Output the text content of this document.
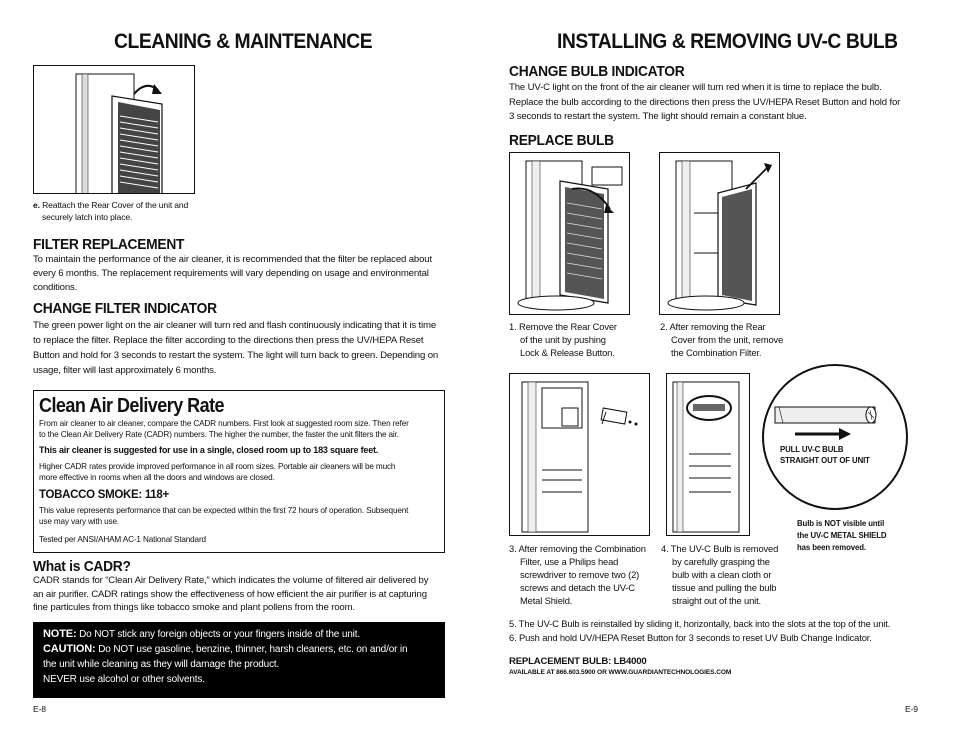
CLEANING & MAINTENANCE
e. Reattach the Rear Cover of the unit and
securely latch into place.
FILTER REPLACEMENT
To maintain the performance of the air cleaner, it is recommended that the filter be replaced about
every 6 months. The replacement requirements will vary depending on usage and environmental
conditions.
CHANGE FILTER INDICATOR
The green power light on the air cleaner will turn red and flash continuously indicating that it is time
to replace the filter. Replace the filter according to the directions then press the UV/HEPA Reset
Button and hold for 3 seconds to restart the system. The light will turn back to green. Depending on
usage, filter will last approximately 6 months.
Clean Air Delivery Rate
From air cleaner to air cleaner, compare the CADR numbers. First look at suggested room size. Then refer
to the Clean Air Delivery Rate (CADR) numbers. The higher the number, the faster the unit filters the air.
This air cleaner is suggested for use in a single, closed room up to 183 square feet.
Higher CADR rates provide improved performance in all room sizes. Portable air cleaners will be much
more effective in rooms when all the doors and windows are closed.
TOBACCO SMOKE: 118+
This value represents performance that can be expected within the first 72 hours of operation. Subsequent
use may vary with use.
Tested per ANSI/AHAM AC-1 National Standard
What is CADR?
CADR stands for “Clean Air Delivery Rate,” which indicates the volume of filtered air delivered by
an air purifier. CADR ratings show the effectiveness of how efficient the air purifier is at capturing
fine particules from things like tobacco smoke and plant pollens from the room.
NOTE: Do NOT stick any foreign objects or your fingers inside of the unit.
CAUTION: Do NOT use gasoline, benzine, thinner, harsh cleaners, etc. on and/or in
the unit while cleaning as they will damage the product.
NEVER use alcohol or other solvents.
E-8
INSTALLING & REMOVING UV-C BULB
CHANGE BULB INDICATOR
The UV-C light on the front of the air cleaner will turn red when it is time to replace the bulb.
Replace the bulb according to the directions then press the UV/HEPA Reset Button and hold for
3 seconds to restart the system. The light should remain a constant blue.
REPLACE BULB
1. Remove the Rear Cover
of the unit by pushing
Lock & Release Button.
2. After removing the Rear
Cover from the unit, remove
the Combination Filter.
PULL UV-C BULB
STRAIGHT OUT OF UNIT
Bulb is NOT visible until
the UV-C METAL SHIELD
has been removed.
3. After removing the Combination
Filter, use a Philips head
screwdriver to remove two (2)
screws and detach the UV-C
Metal Shield.
4. The UV-C Bulb is removed
by carefully grasping the
bulb with a clean cloth or
tissue and pulling the bulb
straight out of the unit.
5. The UV-C Bulb is reinstalled by sliding it, horizontally, back into the slots at the top of the unit.
6. Push and hold UV/HEPA Reset Button for 3 seconds to reset UV Bulb Change Indicator.
REPLACEMENT BULB: LB4000
AVAILABLE AT 866.603.5900 OR WWW.GUARDIANTECHNOLOGIES.COM
E-9
